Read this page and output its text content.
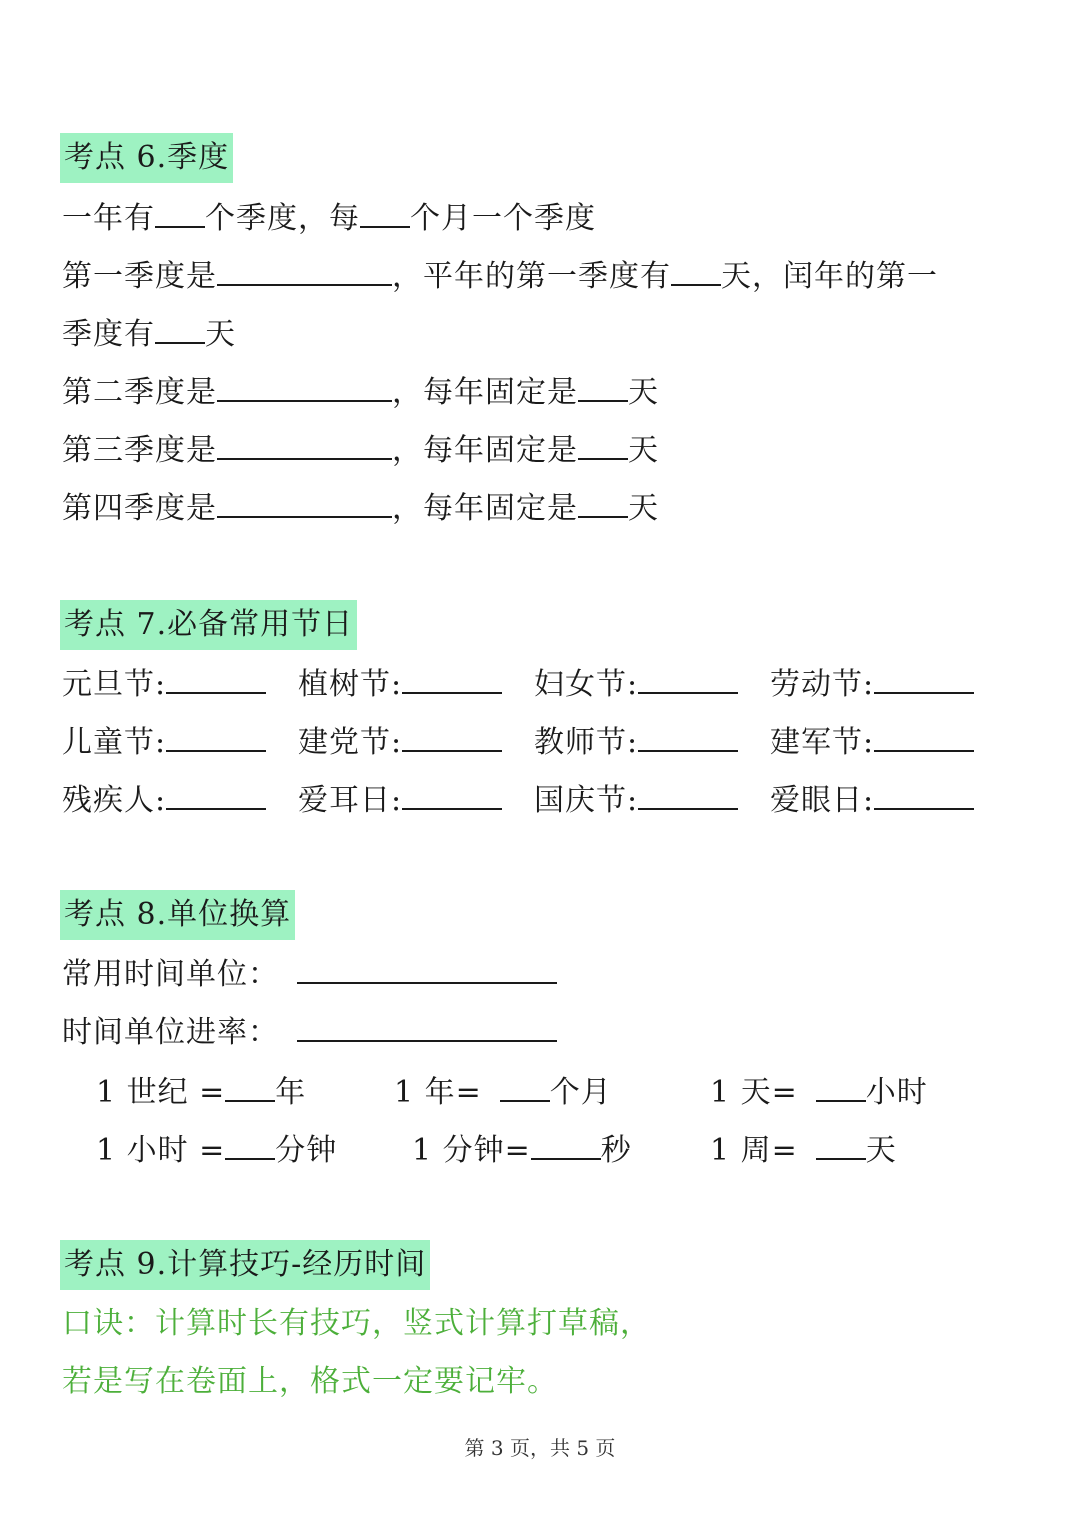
考点 6.季度
一年有 个季度，每 个月一个季度
第一季度是	，平年的第一季度有 天，闰年的第一
季度有 天
第二季度是	，每年固定是 天
第三季度是	，每年固定是 天
第四季度是	，每年固定是 天
考点 7.必备常用节日
元旦节:	植树节:	妇女节:	劳动节:
儿童节:	建党节:	教师节:	建军节:
残疾人:	爱耳日:	国庆节:	爱眼日:
考点 8.单位换算
常用时间单位：
时间单位进率：
1 世纪 = 年	1 年= 个月	1 天= 小时
1 小时 = 分钟 1 分钟= 秒	1 周= 天
考点 9.计算技巧-经历时间
口诀：计算时长有技巧，竖式计算打草稿，
若是写在卷面上，格式一定要记牢。
第 3 页，共 5 页
